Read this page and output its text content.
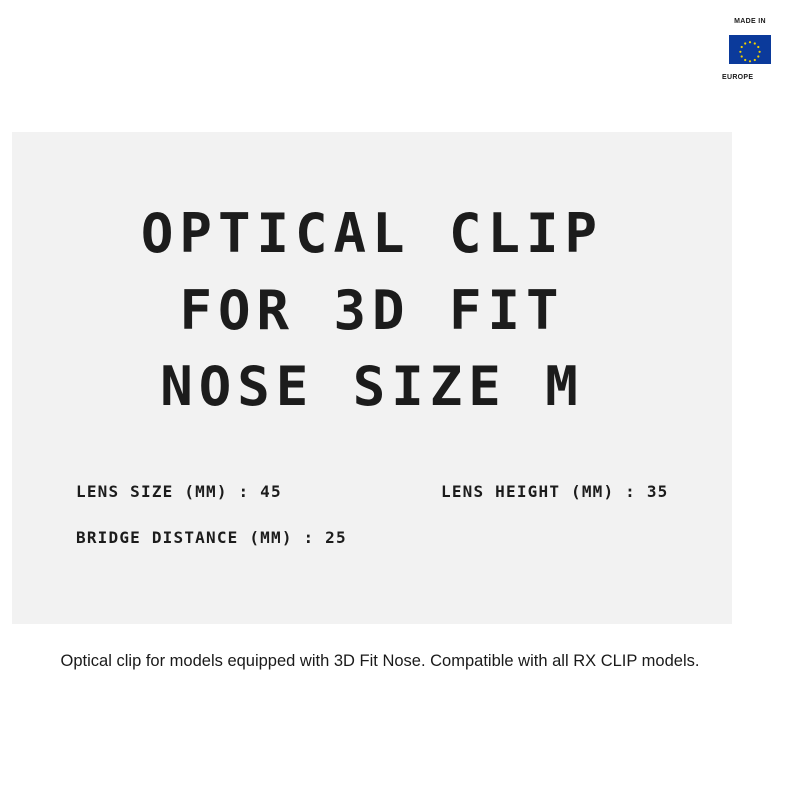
MADE IN
EUROPE
OPTICAL CLIP
FOR 3D FIT
NOSE SIZE M
LENS SIZE (MM) : 45	LENS HEIGHT (MM) : 35
BRIDGE DISTANCE (MM) : 25
Optical clip for models equipped with 3D Fit Nose. Compatible with all RX CLIP models.
